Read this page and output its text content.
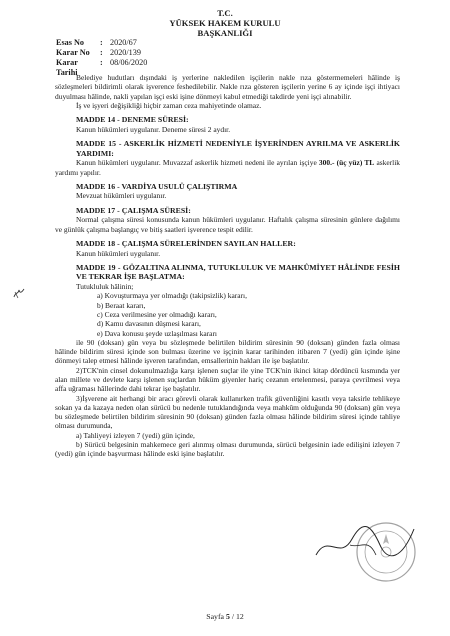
T.C.
YÜKSEK HAKEM KURULU
BAŞKANLIĞI
Esas No	: 2020/67
Karar No	: 2020/139
Karar Tarihi
: 08/06/2020

Belediye hudutları dışındaki iş yerlerine nakledilen işçilerin nakle rıza göstermemeleri hâlinde iş sözleşmeleri bildirimli olarak işverence feshedilebilir. Nakle rıza gösteren işçilerin yerine 6 ay içinde işçi ihtiyacı duyulması hâlinde, nakli yapılan işçi eski işine dönmeyi kabul etmediği takdirde yeni işçi alınabilir.

İş ve işyeri değişikliği hiçbir zaman ceza mahiyetinde olamaz.

MADDE 14 - DENEME SÜRESİ:

Kanun hükümleri uygulanır. Deneme süresi 2 aydır.

MADDE 15 - ASKERLİK HİZMETİ NEDENİYLE İŞYERİNDEN AYRILMA VE ASKERLİK YARDIMI:

Kanun hükümleri uygulanır. Muvazzaf askerlik hizmeti nedeni ile ayrılan işçiye 300.- (üç yüz) TL askerlik yardımı yapılır.

MADDE 16 - VARDİYA USULÜ ÇALIŞTIRMA

Mevzuat hükümleri uygulanır.

MADDE 17 - ÇALIŞMA SÜRESİ:

Normal çalışma süresi konusunda kanun hükümleri uygulanır. Haftalık çalışma süresinin günlere dağılımı ve günlük çalışma başlangıç ve bitiş saatleri işverence tespit edilir.

MADDE 18 - ÇALIŞMA SÜRELERİNDEN SAYILAN HALLER:

Kanun hükümleri uygulanır.

MADDE 19 - GÖZALTINA ALINMA, TUTUKLULUK VE MAHKÛMİYET HÂLİNDE FESİH VE TEKRAR İŞE BAŞLATMA:

Tutukluluk hâlinin;

a) Kovuşturmaya yer olmadığı (takipsizlik) kararı,

b) Beraat kararı,

c) Ceza verilmesine yer olmadığı kararı,

d) Kamu davasının düşmesi kararı,

e) Dava konusu şeyde uzlaşılması kararı

ile 90 (doksan) gün veya bu sözleşmede belirtilen bildirim süresinin 90 (doksan) günden fazla olması hâlinde bildirim süresi içinde son bulması üzerine ve işçinin karar tarihinden itibaren 7 (yedi) gün içinde işine dönmeyi talep etmesi hâlinde işveren tarafından, emsallerinin hakları ile işe başlatılır.

2)TCK'nin cinsel dokunulmazlığa karşı işlenen suçlar ile yine TCK'nin ikinci kitap dördüncü kısmında yer alan millete ve devlete karşı işlenen suçlardan hüküm giyenler hariç cezanın ertelenmesi, paraya çevrilmesi veya affa uğraması hâllerinde dahi tekrar işe başlatılır.

3)İşverene ait herhangi bir aracı görevli olarak kullanırken trafik güvenliğini kasıtlı veya taksirle tehlikeye sokan ya da kazaya neden olan sürücü bu nedenle tutuklandığında veya mahkûm olduğunda 90 (doksan) gün veya bu sözleşmede belirtilen bildirim süresinin 90 (doksan) günden fazla olması hâlinde bildirim süresi içinde tahliye olması durumunda,

a) Tahliyeyi izleyen 7 (yedi) gün içinde,

b) Sürücü belgesinin mahkemece geri alınmış olması durumunda, sürücü belgesinin iade edilişini izleyen 7 (yedi) gün içinde başvurması hâlinde eski işine başlatılır.

Sayfa 5 / 12
